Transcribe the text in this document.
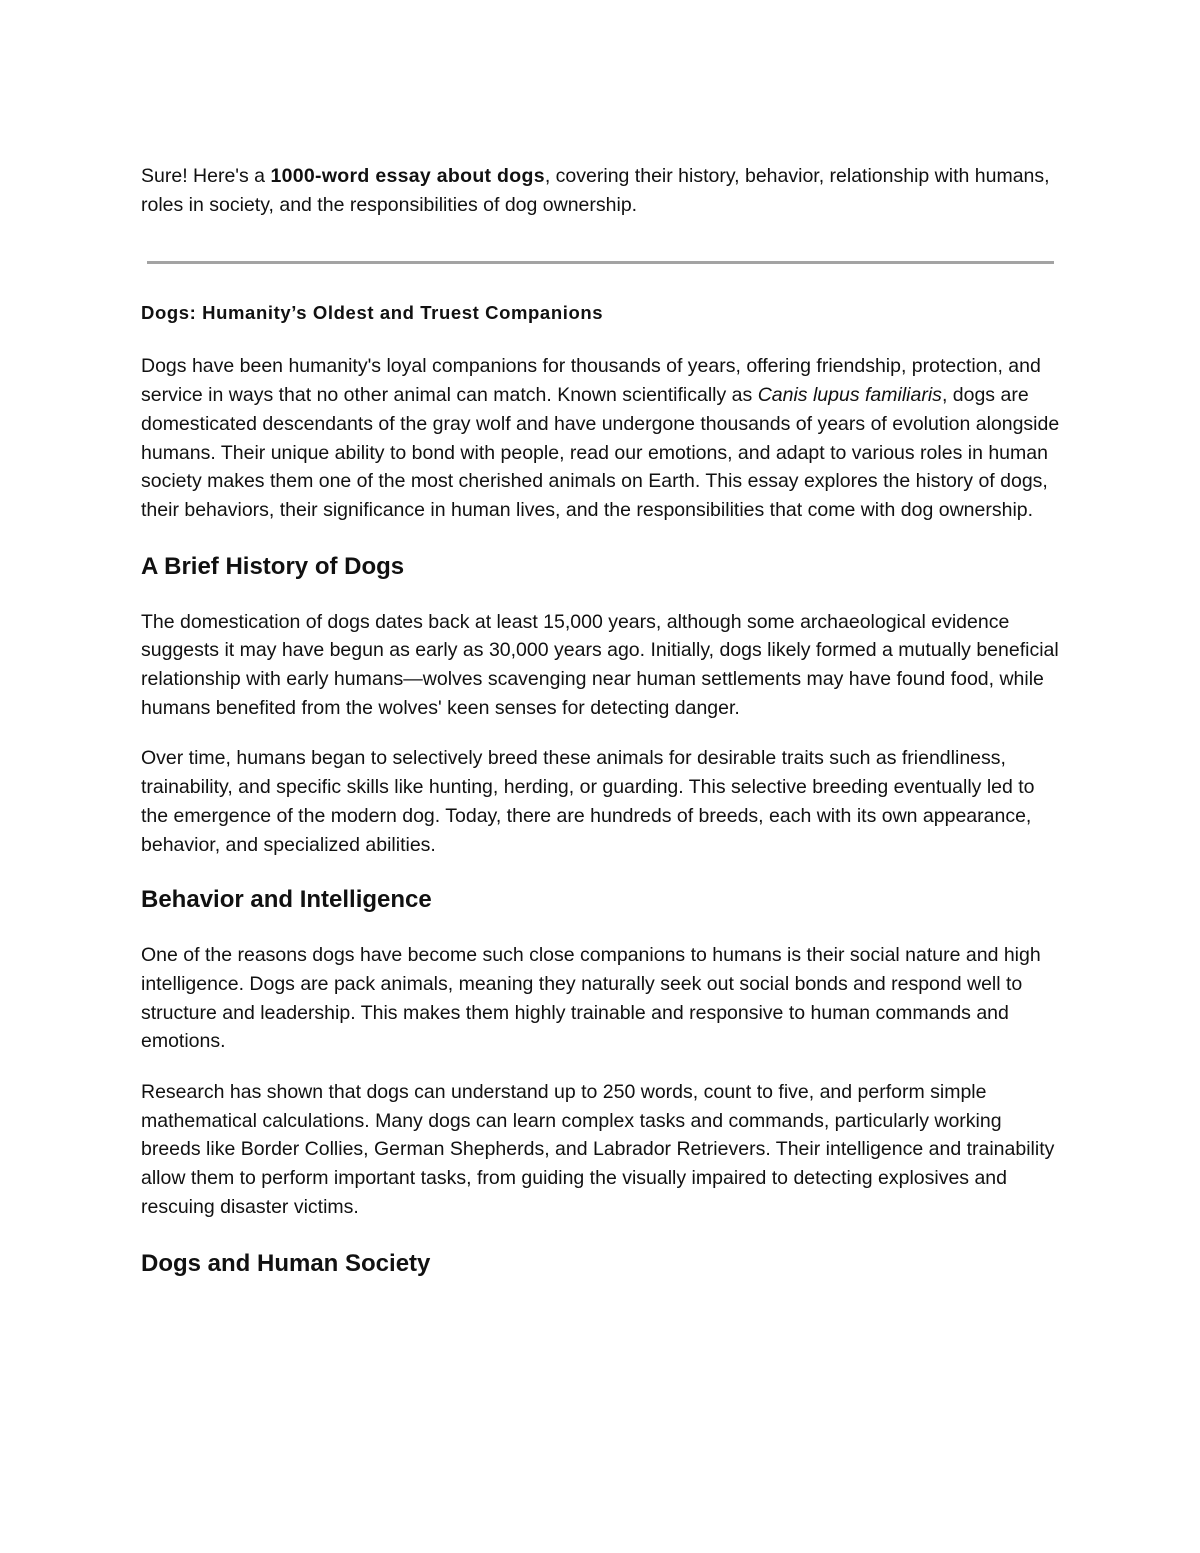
Sure! Here's a 1000-word essay about dogs, covering their history, behavior, relationship with humans, roles in society, and the responsibilities of dog ownership.

Dogs: Humanity’s Oldest and Truest Companions

Dogs have been humanity's loyal companions for thousands of years, offering friendship, protection, and service in ways that no other animal can match. Known scientifically as Canis lupus familiaris, dogs are domesticated descendants of the gray wolf and have undergone thousands of years of evolution alongside humans. Their unique ability to bond with people, read our emotions, and adapt to various roles in human society makes them one of the most cherished animals on Earth. This essay explores the history of dogs, their behaviors, their significance in human lives, and the responsibilities that come with dog ownership.

A Brief History of Dogs

The domestication of dogs dates back at least 15,000 years, although some archaeological evidence suggests it may have begun as early as 30,000 years ago. Initially, dogs likely formed a mutually beneficial relationship with early humans—wolves scavenging near human settlements may have found food, while humans benefited from the wolves' keen senses for detecting danger.

Over time, humans began to selectively breed these animals for desirable traits such as friendliness, trainability, and specific skills like hunting, herding, or guarding. This selective breeding eventually led to the emergence of the modern dog. Today, there are hundreds of breeds, each with its own appearance, behavior, and specialized abilities.

Behavior and Intelligence

One of the reasons dogs have become such close companions to humans is their social nature and high intelligence. Dogs are pack animals, meaning they naturally seek out social bonds and respond well to structure and leadership. This makes them highly trainable and responsive to human commands and emotions.

Research has shown that dogs can understand up to 250 words, count to five, and perform simple mathematical calculations. Many dogs can learn complex tasks and commands, particularly working breeds like Border Collies, German Shepherds, and Labrador Retrievers. Their intelligence and trainability allow them to perform important tasks, from guiding the visually impaired to detecting explosives and rescuing disaster victims.

Dogs and Human Society
